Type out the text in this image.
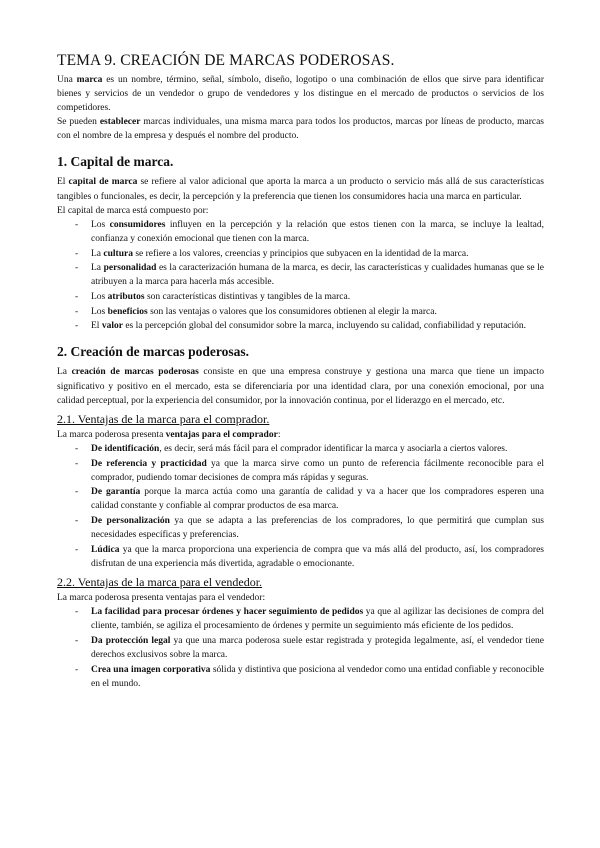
TEMA 9. CREACIÓN DE MARCAS PODEROSAS.

Una marca es un nombre, término, señal, símbolo, diseño, logotipo o una combinación de ellos que sirve para identificar bienes y servicios de un vendedor o grupo de vendedores y los distingue en el mercado de productos o servicios de los competidores.

Se pueden establecer marcas individuales, una misma marca para todos los productos, marcas por líneas de producto, marcas con el nombre de la empresa y después el nombre del producto.

1. Capital de marca.

El capital de marca se refiere al valor adicional que aporta la marca a un producto o servicio más allá de sus características tangibles o funcionales, es decir, la percepción y la preferencia que tienen los consumidores hacia una marca en particular.

El capital de marca está compuesto por:

- Los consumidores influyen en la percepción y la relación que estos tienen con la marca, se incluye la lealtad, confianza y conexión emocional que tienen con la marca.
- La cultura se refiere a los valores, creencias y principios que subyacen en la identidad de la marca.
- La personalidad es la caracterización humana de la marca, es decir, las características y cualidades humanas que se le atribuyen a la marca para hacerla más accesible.
- Los atributos son características distintivas y tangibles de la marca.
- Los beneficios son las ventajas o valores que los consumidores obtienen al elegir la marca.
- El valor es la percepción global del consumidor sobre la marca, incluyendo su calidad, confiabilidad y reputación.
2. Creación de marcas poderosas.

La creación de marcas poderosas consiste en que una empresa construye y gestiona una marca que tiene un impacto significativo y positivo en el mercado, esta se diferenciaría por una identidad clara, por una conexión emocional, por una calidad perceptual, por la experiencia del consumidor, por la innovación continua, por el liderazgo en el mercado, etc.

2.1. Ventajas de la marca para el comprador.

La marca poderosa presenta ventajas para el comprador:

- De identificación, es decir, será más fácil para el comprador identificar la marca y asociarla a ciertos valores.
- De referencia y practicidad ya que la marca sirve como un punto de referencia fácilmente reconocible para el comprador, pudiendo tomar decisiones de compra más rápidas y seguras.
- De garantía porque la marca actúa como una garantía de calidad y va a hacer que los compradores esperen una calidad constante y confiable al comprar productos de esa marca.
- De personalización ya que se adapta a las preferencias de los compradores, lo que permitirá que cumplan sus necesidades específicas y preferencias.
- Lúdica ya que la marca proporciona una experiencia de compra que va más allá del producto, así, los compradores disfrutan de una experiencia más divertida, agradable o emocionante.
2.2. Ventajas de la marca para el vendedor.

La marca poderosa presenta ventajas para el vendedor:

- La facilidad para procesar órdenes y hacer seguimiento de pedidos ya que al agilizar las decisiones de compra del cliente, también, se agiliza el procesamiento de órdenes y permite un seguimiento más eficiente de los pedidos.
- Da protección legal ya que una marca poderosa suele estar registrada y protegida legalmente, así, el vendedor tiene derechos exclusivos sobre la marca.
- Crea una imagen corporativa sólida y distintiva que posiciona al vendedor como una entidad confiable y reconocible en el mundo.
